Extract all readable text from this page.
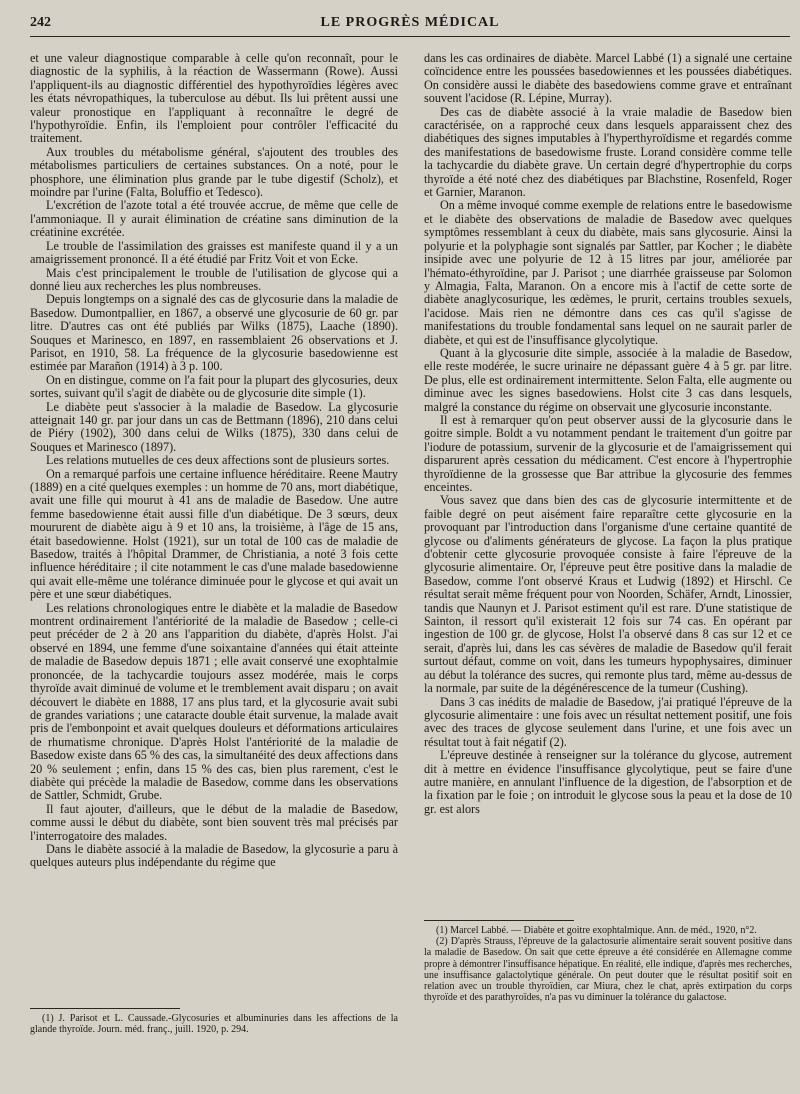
242	LE PROGRÈS MÉDICAL

et une valeur diagnostique comparable à celle qu'on reconnaît, pour le diagnostic de la syphilis, à la réaction de Wassermann (Rowe). Aussi l'appliquent-ils au diagnostic différentiel des hypothyroïdies légères avec les états névropathiques, la tuberculose au début. Ils lui prêtent aussi une valeur pronostique en l'appliquant à reconnaître le degré de l'hypothyroïdie. Enfin, ils l'emploient pour contrôler l'efficacité du traitement.

Aux troubles du métabolisme général, s'ajoutent des troubles des métabolismes particuliers de certaines substances. On a noté, pour le phosphore, une élimination plus grande par le tube digestif (Scholz), et moindre par l'urine (Falta, Boluffio et Tedesco).

L'excrétion de l'azote total a été trouvée accrue, de même que celle de l'ammoniaque. Il y aurait élimination de créatine sans diminution de la créatinine excrétée.

Le trouble de l'assimilation des graisses est manifeste quand il y a un amaigrissement prononcé. Il a été étudié par Fritz Voit et von Ecke.

Mais c'est principalement le trouble de l'utilisation de glycose qui a donné lieu aux recherches les plus nombreuses.

Depuis longtemps on a signalé des cas de glycosurie dans la maladie de Basedow. Dumontpallier, en 1867, a observé une glycosurie de 60 gr. par litre. D'autres cas ont été publiés par Wilks (1875), Laache (1890). Souques et Marinesco, en 1897, en rassemblaient 26 observations et J. Parisot, en 1910, 58. La fréquence de la glycosurie basedowienne est estimée par Marañon (1914) à 3 p. 100.

On en distingue, comme on l'a fait pour la plupart des glycosuries, deux sortes, suivant qu'il s'agit de diabète ou de glycosurie dite simple (1).

Le diabète peut s'associer à la maladie de Basedow. La glycosurie atteignait 140 gr. par jour dans un cas de Bettmann (1896), 210 dans celui de Piéry (1902), 300 dans celui de Wilks (1875), 330 dans celui de Souques et Marinesco (1897).

Les relations mutuelles de ces deux affections sont de plusieurs sortes.

On a remarqué parfois une certaine influence héréditaire. Reene Mautry (1889) en a cité quelques exemples : un homme de 70 ans, mort diabétique, avait une fille qui mourut à 41 ans de maladie de Basedow. Une autre femme basedowienne était aussi fille d'un diabétique. De 3 sœurs, deux moururent de diabète aigu à 9 et 10 ans, la troisième, à l'âge de 15 ans, était basedowienne. Holst (1921), sur un total de 100 cas de maladie de Basedow, traités à l'hôpital Drammer, de Christiania, a noté 3 fois cette influence héréditaire ; il cite notamment le cas d'une malade basedowienne qui avait elle-même une tolérance diminuée pour le glycose et qui avait un père et une sœur diabétiques.

Les relations chronologiques entre le diabète et la maladie de Basedow montrent ordinairement l'antériorité de la maladie de Basedow ; celle-ci peut précéder de 2 à 20 ans l'apparition du diabète, d'après Holst. J'ai observé en 1894, une femme d'une soixantaine d'années qui était atteinte de maladie de Basedow depuis 1871 ; elle avait conservé une exophtalmie prononcée, de la tachycardie toujours assez modérée, mais le corps thyroïde avait diminué de volume et le tremblement avait disparu ; on avait découvert le diabète en 1888, 17 ans plus tard, et la glycosurie avait subi de grandes variations ; une cataracte double était survenue, la malade avait pris de l'embonpoint et avait quelques douleurs et déformations articulaires de rhumatisme chronique. D'après Holst l'antériorité de la maladie de Basedow existe dans 65 % des cas, la simultanéité des deux affections dans 20 % seulement ; enfin, dans 15 % des cas, bien plus rarement, c'est le diabète qui précède la maladie de Basedow, comme dans les observations de Sattler, Schmidt, Grube.

Il faut ajouter, d'ailleurs, que le début de la maladie de Basedow, comme aussi le début du diabète, sont bien souvent très mal précisés par l'interrogatoire des malades.

Dans le diabète associé à la maladie de Basedow, la glycosurie a paru à quelques auteurs plus indépendante du régime que

dans les cas ordinaires de diabète. Marcel Labbé (1) a signalé une certaine coïncidence entre les poussées basedowiennes et les poussées diabétiques. On considère aussi le diabète des basedowiens comme grave et entraînant souvent l'acidose (R. Lépine, Murray).

Des cas de diabète associé à la vraie maladie de Basedow bien caractérisée, on a rapproché ceux dans lesquels apparaissent chez des diabétiques des signes imputables à l'hyperthyroïdisme et regardés comme des manifestations de basedowisme fruste. Lorand considère comme telle la tachycardie du diabète grave. Un certain degré d'hypertrophie du corps thyroïde a été noté chez des diabétiques par Blachstine, Rosenfeld, Roger et Garnier, Maranon.

On a même invoqué comme exemple de relations entre le basedowisme et le diabète des observations de maladie de Basedow avec quelques symptômes ressemblant à ceux du diabète, mais sans glycosurie. Ainsi la polyurie et la polyphagie sont signalés par Sattler, par Kocher ; le diabète insipide avec une polyurie de 12 à 15 litres par jour, améliorée par l'hémato-éthyroïdine, par J. Parisot ; une diarrhée graisseuse par Solomon y Almagia, Falta, Maranon. On a encore mis à l'actif de cette sorte de diabète anaglycosurique, les œdèmes, le prurit, certains troubles sexuels, l'acidose. Mais rien ne démontre dans ces cas qu'il s'agisse de manifestations du trouble fondamental sans lequel on ne saurait parler de diabète, et qui est de l'insuffisance glycolytique.

Quant à la glycosurie dite simple, associée à la maladie de Basedow, elle reste modérée, le sucre urinaire ne dépassant guère 4 à 5 gr. par litre. De plus, elle est ordinairement intermittente. Selon Falta, elle augmente ou diminue avec les signes basedowiens. Holst cite 3 cas dans lesquels, malgré la constance du régime on observait une glycosurie inconstante.

Il est à remarquer qu'on peut observer aussi de la glycosurie dans le goitre simple. Boldt a vu notamment pendant le traitement d'un goitre par l'iodure de potassium, survenir de la glycosurie et de l'amaigrissement qui disparurent après cessation du médicament. C'est encore à l'hypertrophie thyroïdienne de la grossesse que Bar attribue la glycosurie des femmes enceintes.

Vous savez que dans bien des cas de glycosurie intermittente et de faible degré on peut aisément faire reparaître cette glycosurie en la provoquant par l'introduction dans l'organisme d'une certaine quantité de glycose ou d'aliments générateurs de glycose. La façon la plus pratique d'obtenir cette glycosurie provoquée consiste à faire l'épreuve de la glycosurie alimentaire. Or, l'épreuve peut être positive dans la maladie de Basedow, comme l'ont observé Kraus et Ludwig (1892) et Hirschl. Ce résultat serait même fréquent pour von Noorden, Schäfer, Arndt, Linossier, tandis que Naunyn et J. Parisot estiment qu'il est rare. D'une statistique de Sainton, il ressort qu'il existerait 12 fois sur 74 cas. En opérant par ingestion de 100 gr. de glycose, Holst l'a observé dans 8 cas sur 12 et ce serait, d'après lui, dans les cas sévères de maladie de Basedow qu'il ferait surtout défaut, comme on voit, dans les tumeurs hypophysaires, diminuer au début la tolérance des sucres, qui remonte plus tard, même au-dessus de la normale, par suite de la dégénérescence de la tumeur (Cushing).

Dans 3 cas inédits de maladie de Basedow, j'ai pratiqué l'épreuve de la glycosurie alimentaire : une fois avec un résultat nettement positif, une fois avec des traces de glycose seulement dans l'urine, et une fois avec un résultat tout à fait négatif (2).

L'épreuve destinée à renseigner sur la tolérance du glycose, autrement dit à mettre en évidence l'insuffisance glycolytique, peut se faire d'une autre manière, en annulant l'influence de la digestion, de l'absorption et de la fixation par le foie ; on introduit le glycose sous la peau et la dose de 10 gr. est alors

(1) J. Parisot et L. Caussade.-Glycosuries et albuminuries dans les affections de la glande thyroïde. Journ. méd. franç., juill. 1920, p. 294.

(1) Marcel Labbé. — Diabète et goitre exophtalmique. Ann. de méd., 1920, n°2.

(2) D'après Strauss, l'épreuve de la galactosurie alimentaire serait souvent positive dans la maladie de Basedow. On sait que cette épreuve a été considérée en Allemagne comme propre à démontrer l'insuffisance hépatique. En réalité, elle indique, d'après mes recherches, une insuffisance galactolytique générale. On peut douter que le résultat positif soit en relation avec un trouble thyroïdien, car Miura, chez le chat, après extirpation du corps thyroïde et des parathyroïdes, n'a pas vu diminuer la tolérance du galactose.
